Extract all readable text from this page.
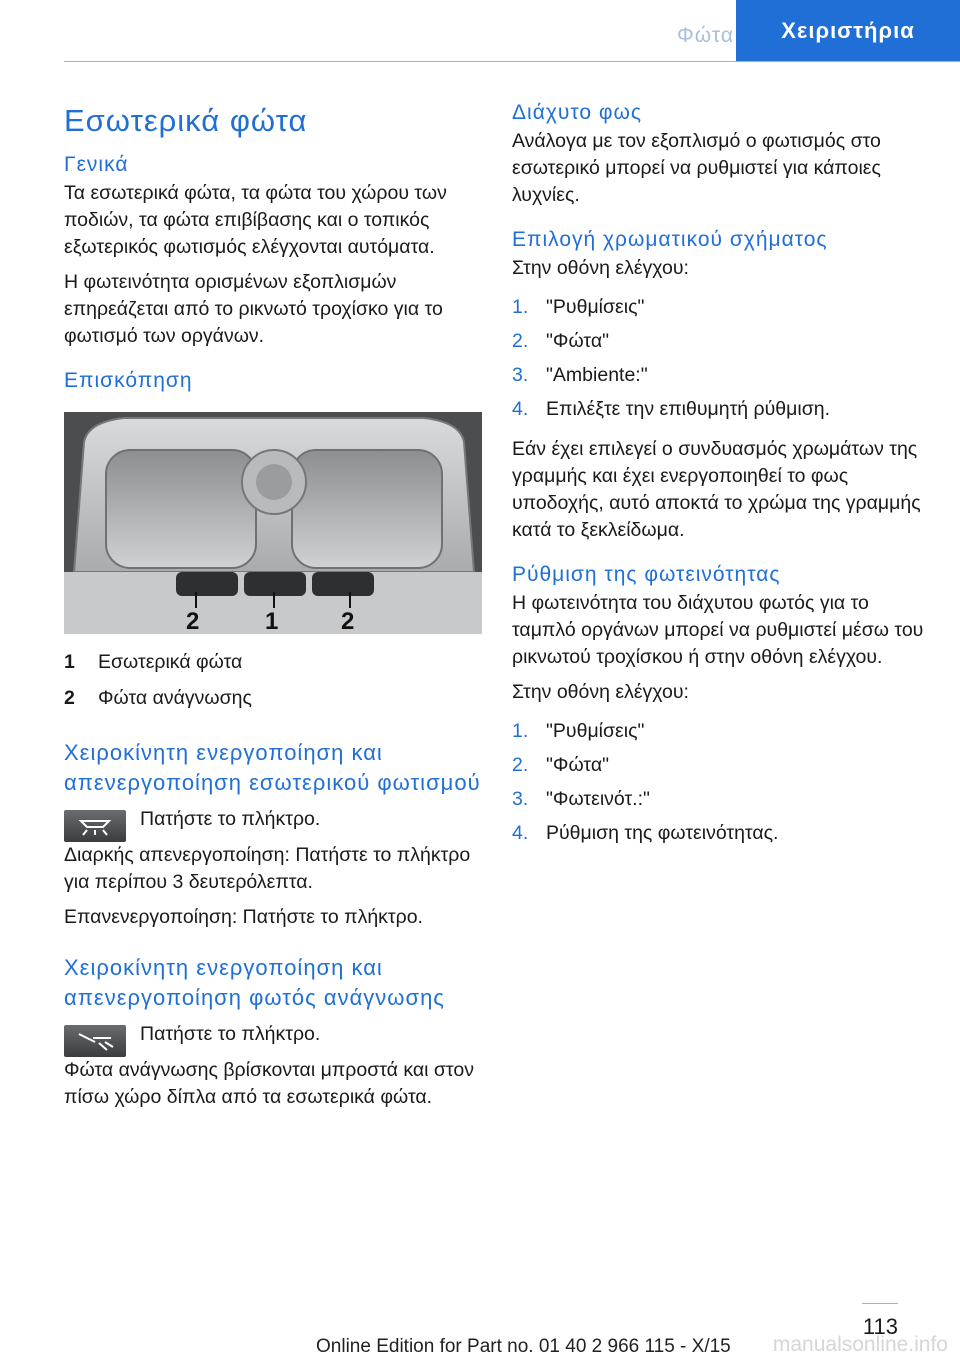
Φώτα	Χειριστήρια
Εσωτερικά φώτα
Γενικά

Τα εσωτερικά φώτα, τα φώτα του χώρου των ποδιών, τα φώτα επιβίβασης και ο τοπικός εξωτερικός φωτισμός ελέγχονται αυτόματα.

Η φωτεινότητα ορισμένων εξοπλισμών επηρεάζεται από το ρικνωτό τροχίσκο για το φωτισμό των οργάνων.

Επισκόπηση
2	1	2
1	Εσωτερικά φώτα
2	Φώτα ανάγνωσης
Χειροκίνητη ενεργοποίηση και απενεργοποίηση εσωτερικού φωτισμού

Πατήστε το πλήκτρο.

Διαρκής απενεργοποίηση: Πατήστε το πλήκτρο για περίπου 3 δευτερόλεπτα.

Επανενεργοποίηση: Πατήστε το πλήκτρο.

Χειροκίνητη ενεργοποίηση και απενεργοποίηση φωτός ανάγνωσης

Πατήστε το πλήκτρο.

Φώτα ανάγνωσης βρίσκονται μπροστά και στον πίσω χώρο δίπλα από τα εσωτερικά φώτα.

Διάχυτο φως

Ανάλογα με τον εξοπλισμό ο φωτισμός στο εσωτερικό μπορεί να ρυθμιστεί για κάποιες λυχνίες.

Επιλογή χρωματικού σχήματος

Στην οθόνη ελέγχου:

1. "Ρυθμίσεις"
2. "Φώτα"
3. "Ambiente:"
4. Επιλέξτε την επιθυμητή ρύθμιση.

Εάν έχει επιλεγεί ο συνδυασμός χρωμάτων της γραμμής και έχει ενεργοποιηθεί το φως υποδοχής, αυτό αποκτά το χρώμα της γραμμής κατά το ξεκλείδωμα.

Ρύθμιση της φωτεινότητας

Η φωτεινότητα του διάχυτου φωτός για το ταμπλό οργάνων μπορεί να ρυθμιστεί μέσω του ρικνωτού τροχίσκου ή στην οθόνη ελέγχου.

Στην οθόνη ελέγχου:

1. "Ρυθμίσεις"
2. "Φώτα"
3. "Φωτεινότ.:"
4. Ρύθμιση της φωτεινότητας.
113
Online Edition for Part no. 01 40 2 966 115 - X/15 manualsonline.info
